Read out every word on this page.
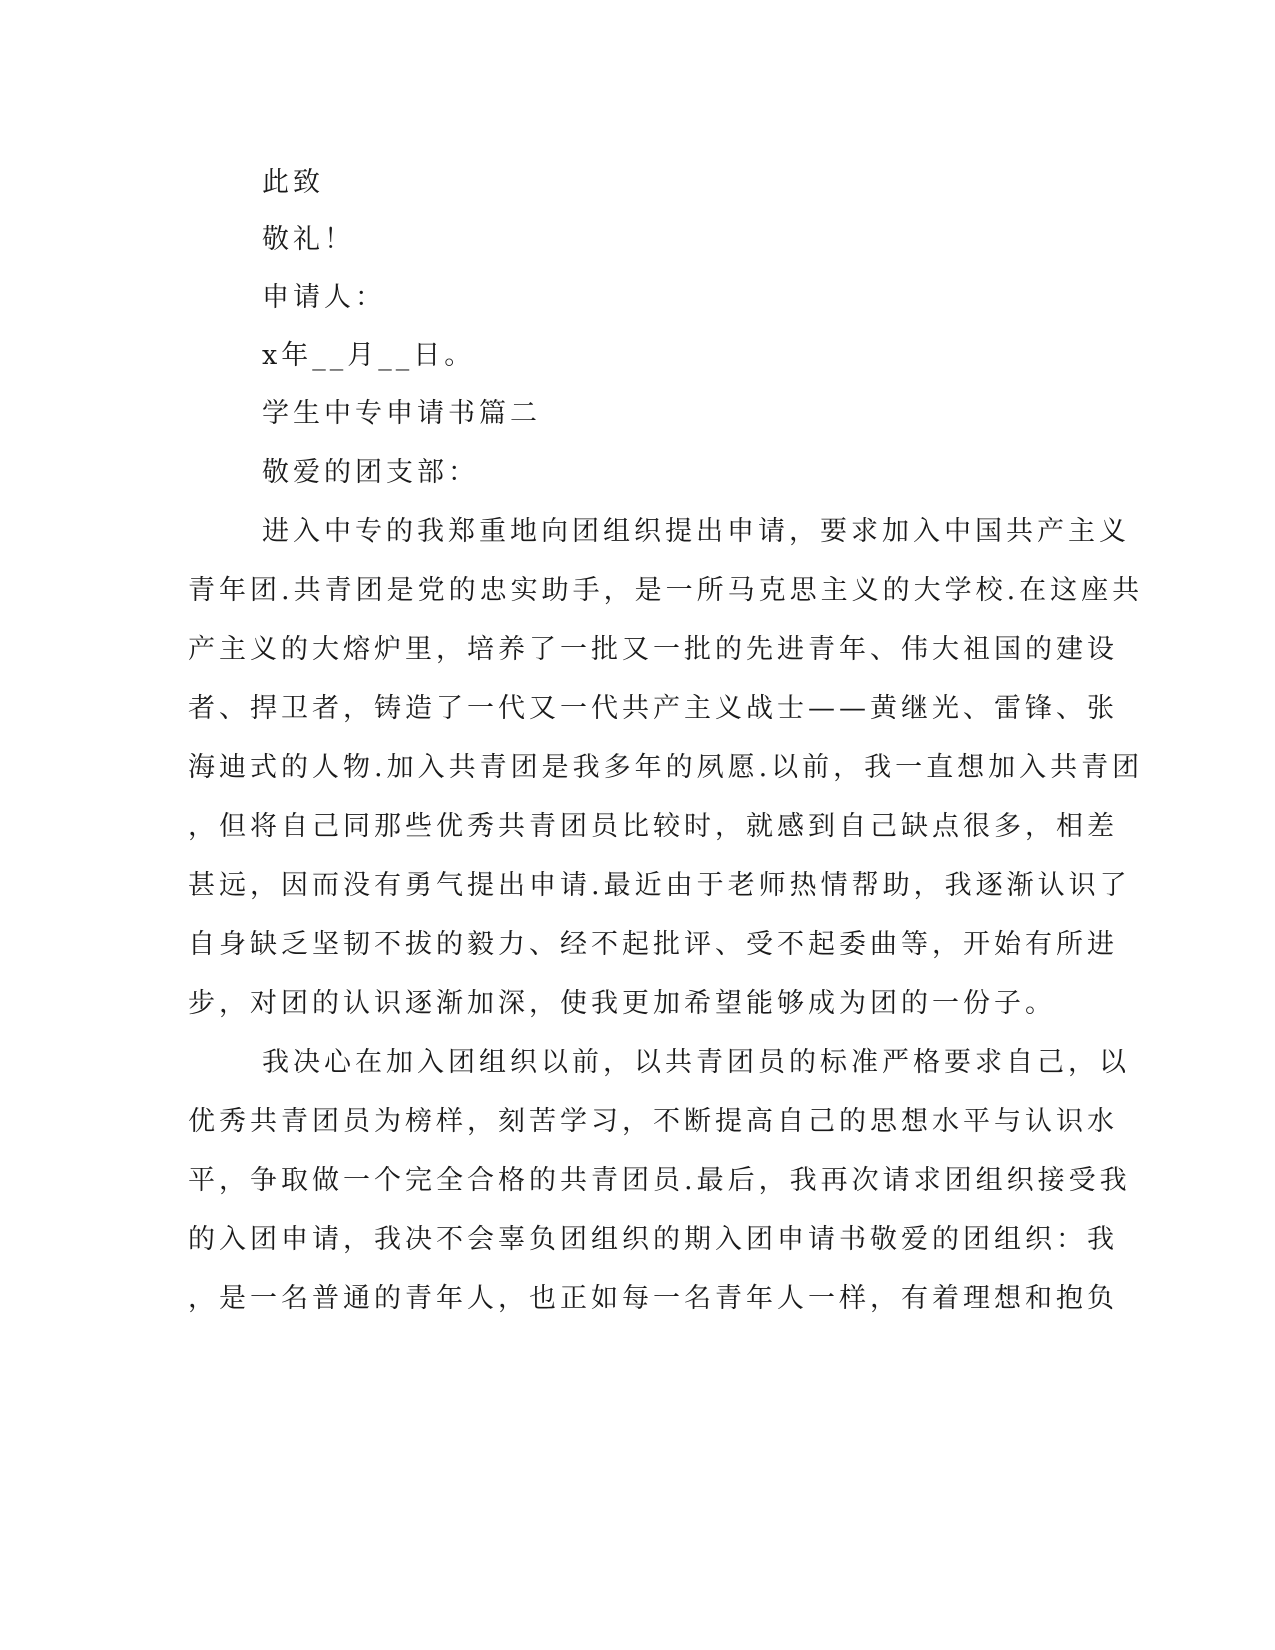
此致

敬礼！

申请人：

x年__月__日。

学生中专申请书篇二

敬爱的团支部：

进入中专的我郑重地向团组织提出申请，要求加入中国共产主义

青年团.共青团是党的忠实助手，是一所马克思主义的大学校.在这座共

产主义的大熔炉里，培养了一批又一批的先进青年、伟大祖国的建设

者、捍卫者，铸造了一代又一代共产主义战士——黄继光、雷锋、张

海迪式的人物.加入共青团是我多年的夙愿.以前，我一直想加入共青团

，但将自己同那些优秀共青团员比较时，就感到自己缺点很多，相差

甚远，因而没有勇气提出申请.最近由于老师热情帮助，我逐渐认识了

自身缺乏坚韧不拔的毅力、经不起批评、受不起委曲等，开始有所进

步，对团的认识逐渐加深，使我更加希望能够成为团的一份子。

我决心在加入团组织以前，以共青团员的标准严格要求自己，以

优秀共青团员为榜样，刻苦学习，不断提高自己的思想水平与认识水

平，争取做一个完全合格的共青团员.最后，我再次请求团组织接受我

的入团申请，我决不会辜负团组织的期入团申请书敬爱的团组织：我

，是一名普通的青年人，也正如每一名青年人一样，有着理想和抱负
